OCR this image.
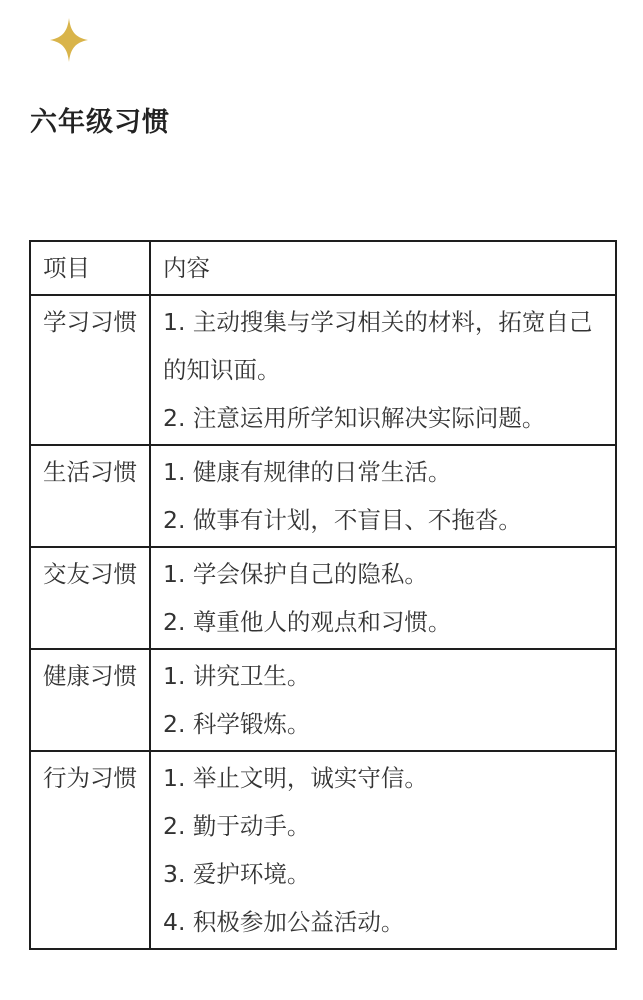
六年级习惯
项目	内容
学习习惯	1. 主动搜集与学习相关的材料，拓宽自己的知识面。
2. 注意运用所学知识解决实际问题。

生活习惯	1. 健康有规律的日常生活。
2. 做事有计划，不盲目、不拖沓。

交友习惯	1. 学会保护自己的隐私。
2. 尊重他人的观点和习惯。

健康习惯	1. 讲究卫生。
2. 科学锻炼。

行为习惯	1. 举止文明，诚实守信。
2. 勤于动手。
3. 爱护环境。
4. 积极参加公益活动。
